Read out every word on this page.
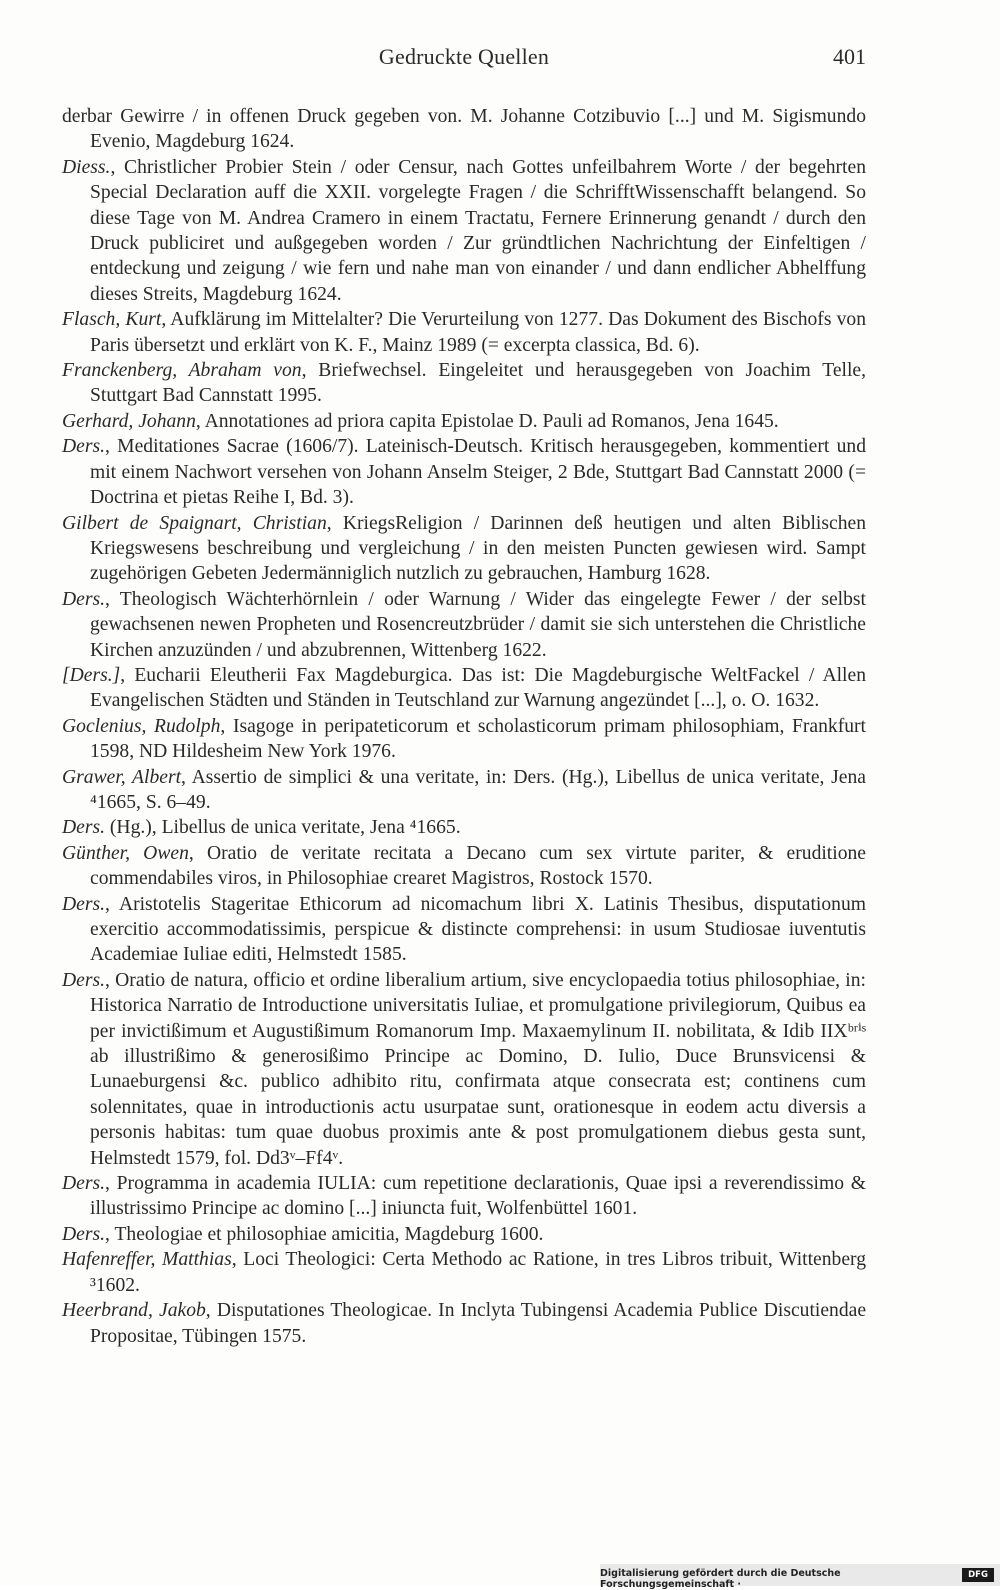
Gedruckte Quellen	401

derbar Gewirre / in offenen Druck gegeben von. M. Johanne Cotzibuvio [...] und M. Sigismundo Evenio, Magdeburg 1624.

Diess., Christlicher Probier Stein / oder Censur, nach Gottes unfeilbahrem Worte / der begehrten Special Declaration auff die XXII. vorgelegte Fragen / die SchrifftWissenschafft belangend. So diese Tage von M. Andrea Cramero in einem Tractatu, Fernere Erinnerung genandt / durch den Druck publiciret und außgegeben worden / Zur gründtlichen Nachrichtung der Einfeltigen / entdeckung und zeigung / wie fern und nahe man von einander / und dann endlicher Abhelffung dieses Streits, Magdeburg 1624.

Flasch, Kurt, Aufklärung im Mittelalter? Die Verurteilung von 1277. Das Dokument des Bischofs von Paris übersetzt und erklärt von K. F., Mainz 1989 (= excerpta classica, Bd. 6).

Franckenberg, Abraham von, Briefwechsel. Eingeleitet und herausgegeben von Joachim Telle, Stuttgart Bad Cannstatt 1995.

Gerhard, Johann, Annotationes ad priora capita Epistolae D. Pauli ad Romanos, Jena 1645.

Ders., Meditationes Sacrae (1606/7). Lateinisch-Deutsch. Kritisch herausgegeben, kommentiert und mit einem Nachwort versehen von Johann Anselm Steiger, 2 Bde, Stuttgart Bad Cannstatt 2000 (= Doctrina et pietas Reihe I, Bd. 3).

Gilbert de Spaignart, Christian, KriegsReligion / Darinnen deß heutigen und alten Biblischen Kriegswesens beschreibung und vergleichung / in den meisten Puncten gewiesen wird. Sampt zugehörigen Gebeten Jedermänniglich nutzlich zu gebrauchen, Hamburg 1628.

Ders., Theologisch Wächterhörnlein / oder Warnung / Wider das eingelegte Fewer / der selbst gewachsenen newen Propheten und Rosencreutzbrüder / damit sie sich unterstehen die Christliche Kirchen anzuzünden / und abzubrennen, Wittenberg 1622.

[Ders.], Eucharii Eleutherii Fax Magdeburgica. Das ist: Die Magdeburgische WeltFackel / Allen Evangelischen Städten und Ständen in Teutschland zur Warnung angezündet [...], o. O. 1632.

Goclenius, Rudolph, Isagoge in peripateticorum et scholasticorum primam philosophiam, Frankfurt 1598, ND Hildesheim New York 1976.

Grawer, Albert, Assertio de simplici & una veritate, in: Ders. (Hg.), Libellus de unica veritate, Jena ⁴1665, S. 6–49.

Ders. (Hg.), Libellus de unica veritate, Jena ⁴1665.

Günther, Owen, Oratio de veritate recitata a Decano cum sex virtute pariter, & eruditione commendabiles viros, in Philosophiae crearet Magistros, Rostock 1570.

Ders., Aristotelis Stageritae Ethicorum ad nicomachum libri X. Latinis Thesibus, disputationum exercitio accommodatissimis, perspicue & distincte comprehensi: in usum Studiosae iuventutis Academiae Iuliae editi, Helmstedt 1585.

Ders., Oratio de natura, officio et ordine liberalium artium, sive encyclopaedia totius philosophiae, in: Historica Narratio de Introductione universitatis Iuliae, et promulgatione privilegiorum, Quibus ea per invictißimum et Augustißimum Romanorum Imp. Maxaemylinum II. nobilitata, & Idib IIXᵇʳⁱˢ ab illustrißimo & generosißimo Principe ac Domino, D. Iulio, Duce Brunsvicensi & Lunaeburgensi &c. publico adhibito ritu, confirmata atque consecrata est; continens cum solennitates, quae in introductionis actu usurpatae sunt, orationesque in eodem actu diversis a personis habitas: tum quae duobus proximis ante & post promulgationem diebus gesta sunt, Helmstedt 1579, fol. Dd3ᵛ–Ff4ᵛ.

Ders., Programma in academia IULIA: cum repetitione declarationis, Quae ipsi a reverendissimo & illustrissimo Principe ac domino [...] iniuncta fuit, Wolfenbüttel 1601.

Ders., Theologiae et philosophiae amicitia, Magdeburg 1600.

Hafenreffer, Matthias, Loci Theologici: Certa Methodo ac Ratione, in tres Libros tribuit, Wittenberg ³1602.

Heerbrand, Jakob, Disputationes Theologicae. In Inclyta Tubingensi Academia Publice Discutiendae Propositae, Tübingen 1575.

Digitalisierung gefördert durch die Deutsche Forschungsgemeinschaft ·
DFG
